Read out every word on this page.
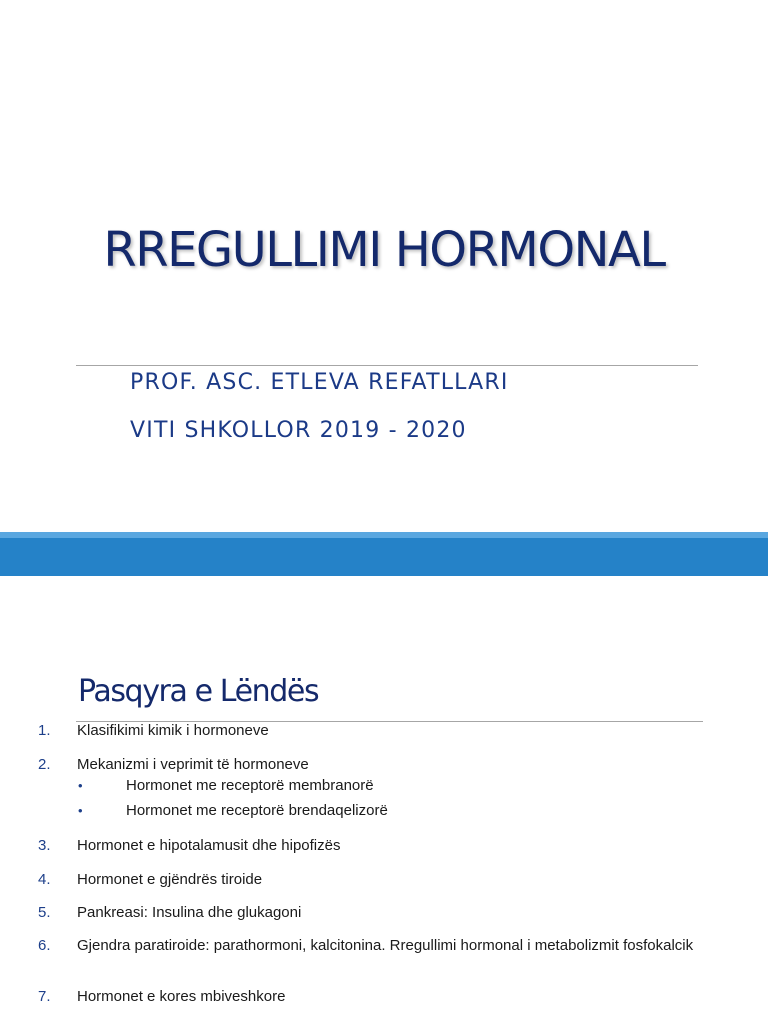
RREGULLIMI HORMONAL
PROF. ASC. ETLEVA REFATLLARI
VITI SHKOLLOR 2019 - 2020
Pasqyra e Lëndës
1. Klasifikimi kimik i hormoneve
2. Mekanizmi i veprimit të hormoneve
•	Hormonet me receptorë membranorë
•	Hormonet me receptorë brendaqelizorë
3. Hormonet e hipotalamusit dhe hipofizës
4. Hormonet e gjëndrës tiroide
5. Pankreasi: Insulina dhe glukagoni
6. Gjendra paratiroide: parathormoni, kalcitonina. Rregullimi hormonal i metabolizmit fosfokalcik
7. Hormonet e kores mbiveshkore
